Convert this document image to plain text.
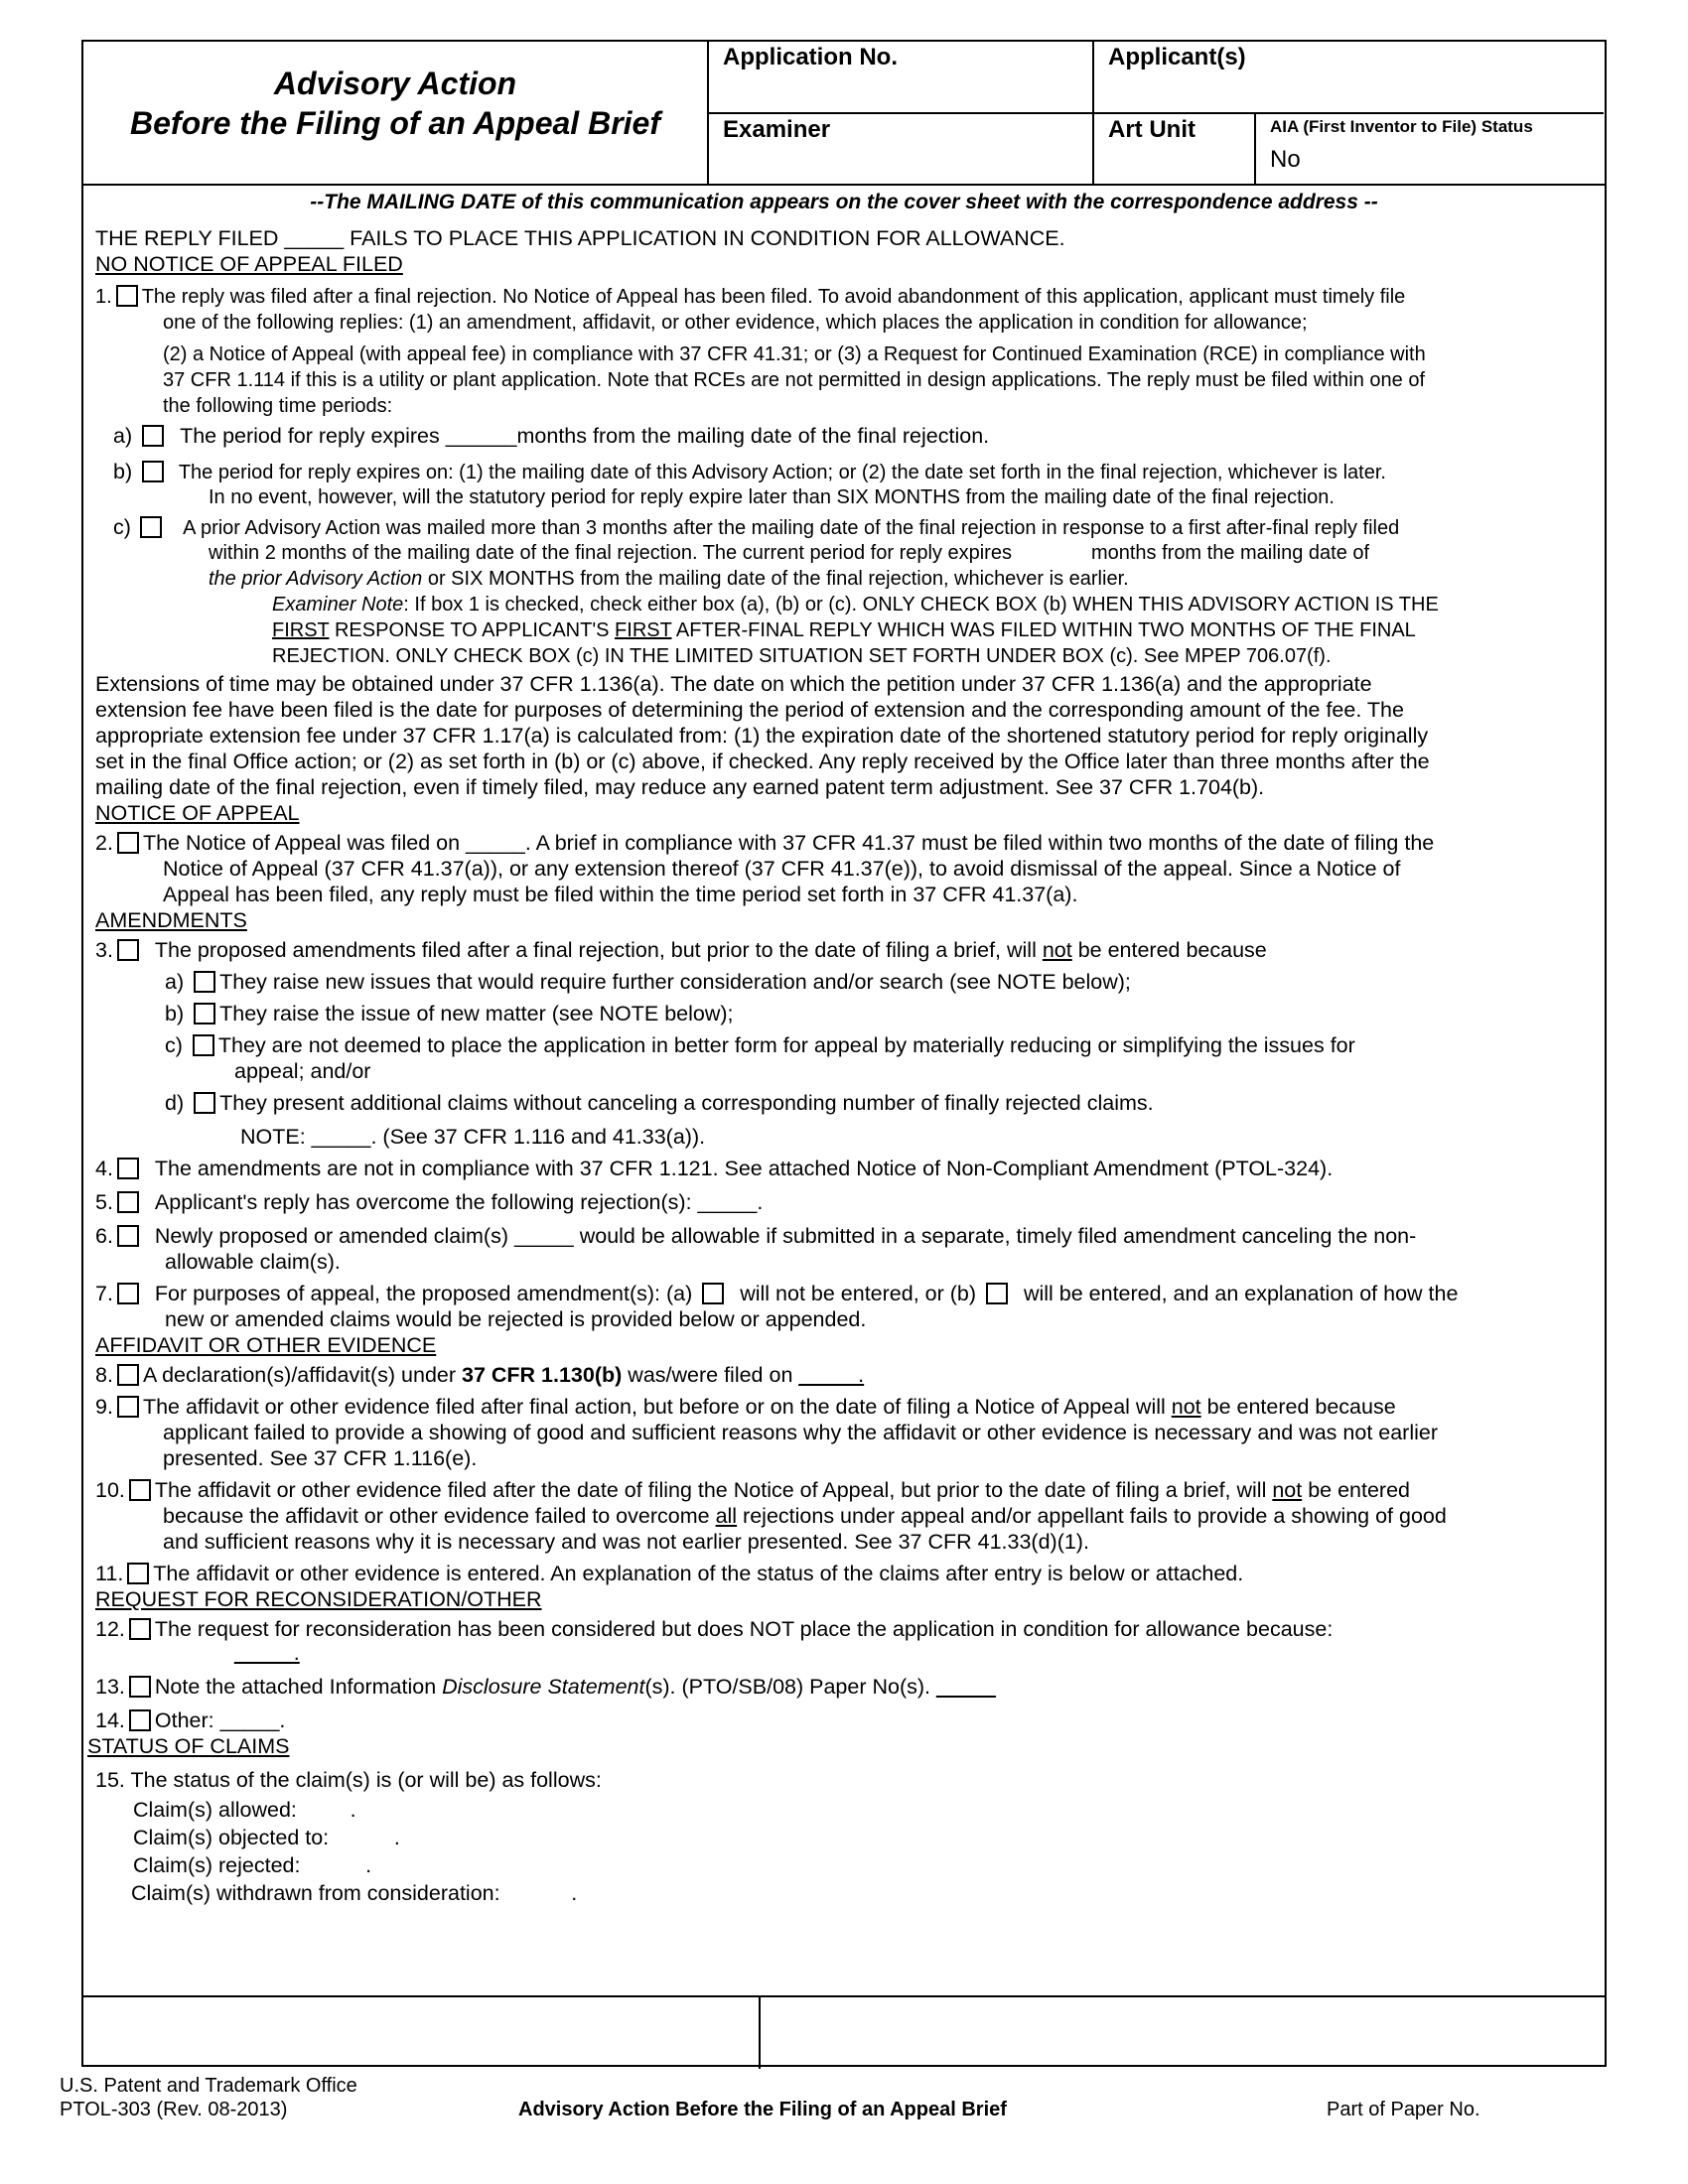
Advisory Action
Before the Filing of an Appeal Brief
Application No.	Applicant(s)
Examiner	Art Unit	AIA (First Inventor to File) Status
No
--The MAILING DATE of this communication appears on the cover sheet with the correspondence address --
THE REPLY FILED _____ FAILS TO PLACE THIS APPLICATION IN CONDITION FOR ALLOWANCE.
NO NOTICE OF APPEAL FILED
1. The reply was filed after a final rejection. No Notice of Appeal has been filed. To avoid abandonment of this application, applicant must timely file
one of the following replies: (1) an amendment, affidavit, or other evidence, which places the application in condition for allowance;
(2) a Notice of Appeal (with appeal fee) in compliance with 37 CFR 41.31; or (3) a Request for Continued Examination (RCE) in compliance with
37 CFR 1.114 if this is a utility or plant application. Note that RCEs are not permitted in design applications. The reply must be filed within one of
the following time periods:
a) The period for reply expires ______months from the mailing date of the final rejection.
b) The period for reply expires on: (1) the mailing date of this Advisory Action; or (2) the date set forth in the final rejection, whichever is later.
In no event, however, will the statutory period for reply expire later than SIX MONTHS from the mailing date of the final rejection.
c)	A prior Advisory Action was mailed more than 3 months after the mailing date of the final rejection in response to a first after-final reply filed
within 2 months of the mailing date of the final rejection. The current period for reply expires	months from the mailing date of
the prior Advisory Action or SIX MONTHS from the mailing date of the final rejection, whichever is earlier.
Examiner Note: If box 1 is checked, check either box (a), (b) or (c). ONLY CHECK BOX (b) WHEN THIS ADVISORY ACTION IS THE
FIRST RESPONSE TO APPLICANT'S FIRST AFTER-FINAL REPLY WHICH WAS FILED WITHIN TWO MONTHS OF THE FINAL
REJECTION. ONLY CHECK BOX (c) IN THE LIMITED SITUATION SET FORTH UNDER BOX (c). See MPEP 706.07(f).
Extensions of time may be obtained under 37 CFR 1.136(a). The date on which the petition under 37 CFR 1.136(a) and the appropriate
extension fee have been filed is the date for purposes of determining the period of extension and the corresponding amount of the fee. The
appropriate extension fee under 37 CFR 1.17(a) is calculated from: (1) the expiration date of the shortened statutory period for reply originally
set in the final Office action; or (2) as set forth in (b) or (c) above, if checked. Any reply received by the Office later than three months after the
mailing date of the final rejection, even if timely filed, may reduce any earned patent term adjustment. See 37 CFR 1.704(b).
NOTICE OF APPEAL
2. The Notice of Appeal was filed on _____. A brief in compliance with 37 CFR 41.37 must be filed within two months of the date of filing the
Notice of Appeal (37 CFR 41.37(a)), or any extension thereof (37 CFR 41.37(e)), to avoid dismissal of the appeal. Since a Notice of
Appeal has been filed, any reply must be filed within the time period set forth in 37 CFR 41.37(a).
AMENDMENTS
3. The proposed amendments filed after a final rejection, but prior to the date of filing a brief, will not be entered because
a) They raise new issues that would require further consideration and/or search (see NOTE below);
b) They raise the issue of new matter (see NOTE below);
c) They are not deemed to place the application in better form for appeal by materially reducing or simplifying the issues for
appeal; and/or
d) They present additional claims without canceling a corresponding number of finally rejected claims.
NOTE: _____. (See 37 CFR 1.116 and 41.33(a)).
4. The amendments are not in compliance with 37 CFR 1.121. See attached Notice of Non-Compliant Amendment (PTOL-324).
5. Applicant's reply has overcome the following rejection(s): _____.
6. Newly proposed or amended claim(s) _____ would be allowable if submitted in a separate, timely filed amendment canceling the non-
allowable claim(s).
7. For purposes of appeal, the proposed amendment(s): (a) will not be entered, or (b) will be entered, and an explanation of how the
new or amended claims would be rejected is provided below or appended.
AFFIDAVIT OR OTHER EVIDENCE
8. A declaration(s)/affidavit(s) under 37 CFR 1.130(b) was/were filed on _____.
9. The affidavit or other evidence filed after final action, but before or on the date of filing a Notice of Appeal will not be entered because
applicant failed to provide a showing of good and sufficient reasons why the affidavit or other evidence is necessary and was not earlier
presented. See 37 CFR 1.116(e).
10. The affidavit or other evidence filed after the date of filing the Notice of Appeal, but prior to the date of filing a brief, will not be entered
because the affidavit or other evidence failed to overcome all rejections under appeal and/or appellant fails to provide a showing of good
and sufficient reasons why it is necessary and was not earlier presented. See 37 CFR 41.33(d)(1).
11. The affidavit or other evidence is entered. An explanation of the status of the claims after entry is below or attached.
REQUEST FOR RECONSIDERATION/OTHER
12. The request for reconsideration has been considered but does NOT place the application in condition for allowance because:
_____.
13. Note the attached Information Disclosure Statement(s). (PTO/SB/08) Paper No(s). _____
14. Other: _____.
STATUS OF CLAIMS
15. The status of the claim(s) is (or will be) as follows:
Claim(s) allowed:         .
Claim(s) objected to:           .
Claim(s) rejected:           .
Claim(s) withdrawn from consideration:            .
U.S. Patent and Trademark Office
PTOL-303 (Rev. 08-2013)	Advisory Action Before the Filing of an Appeal Brief	Part of Paper No.
